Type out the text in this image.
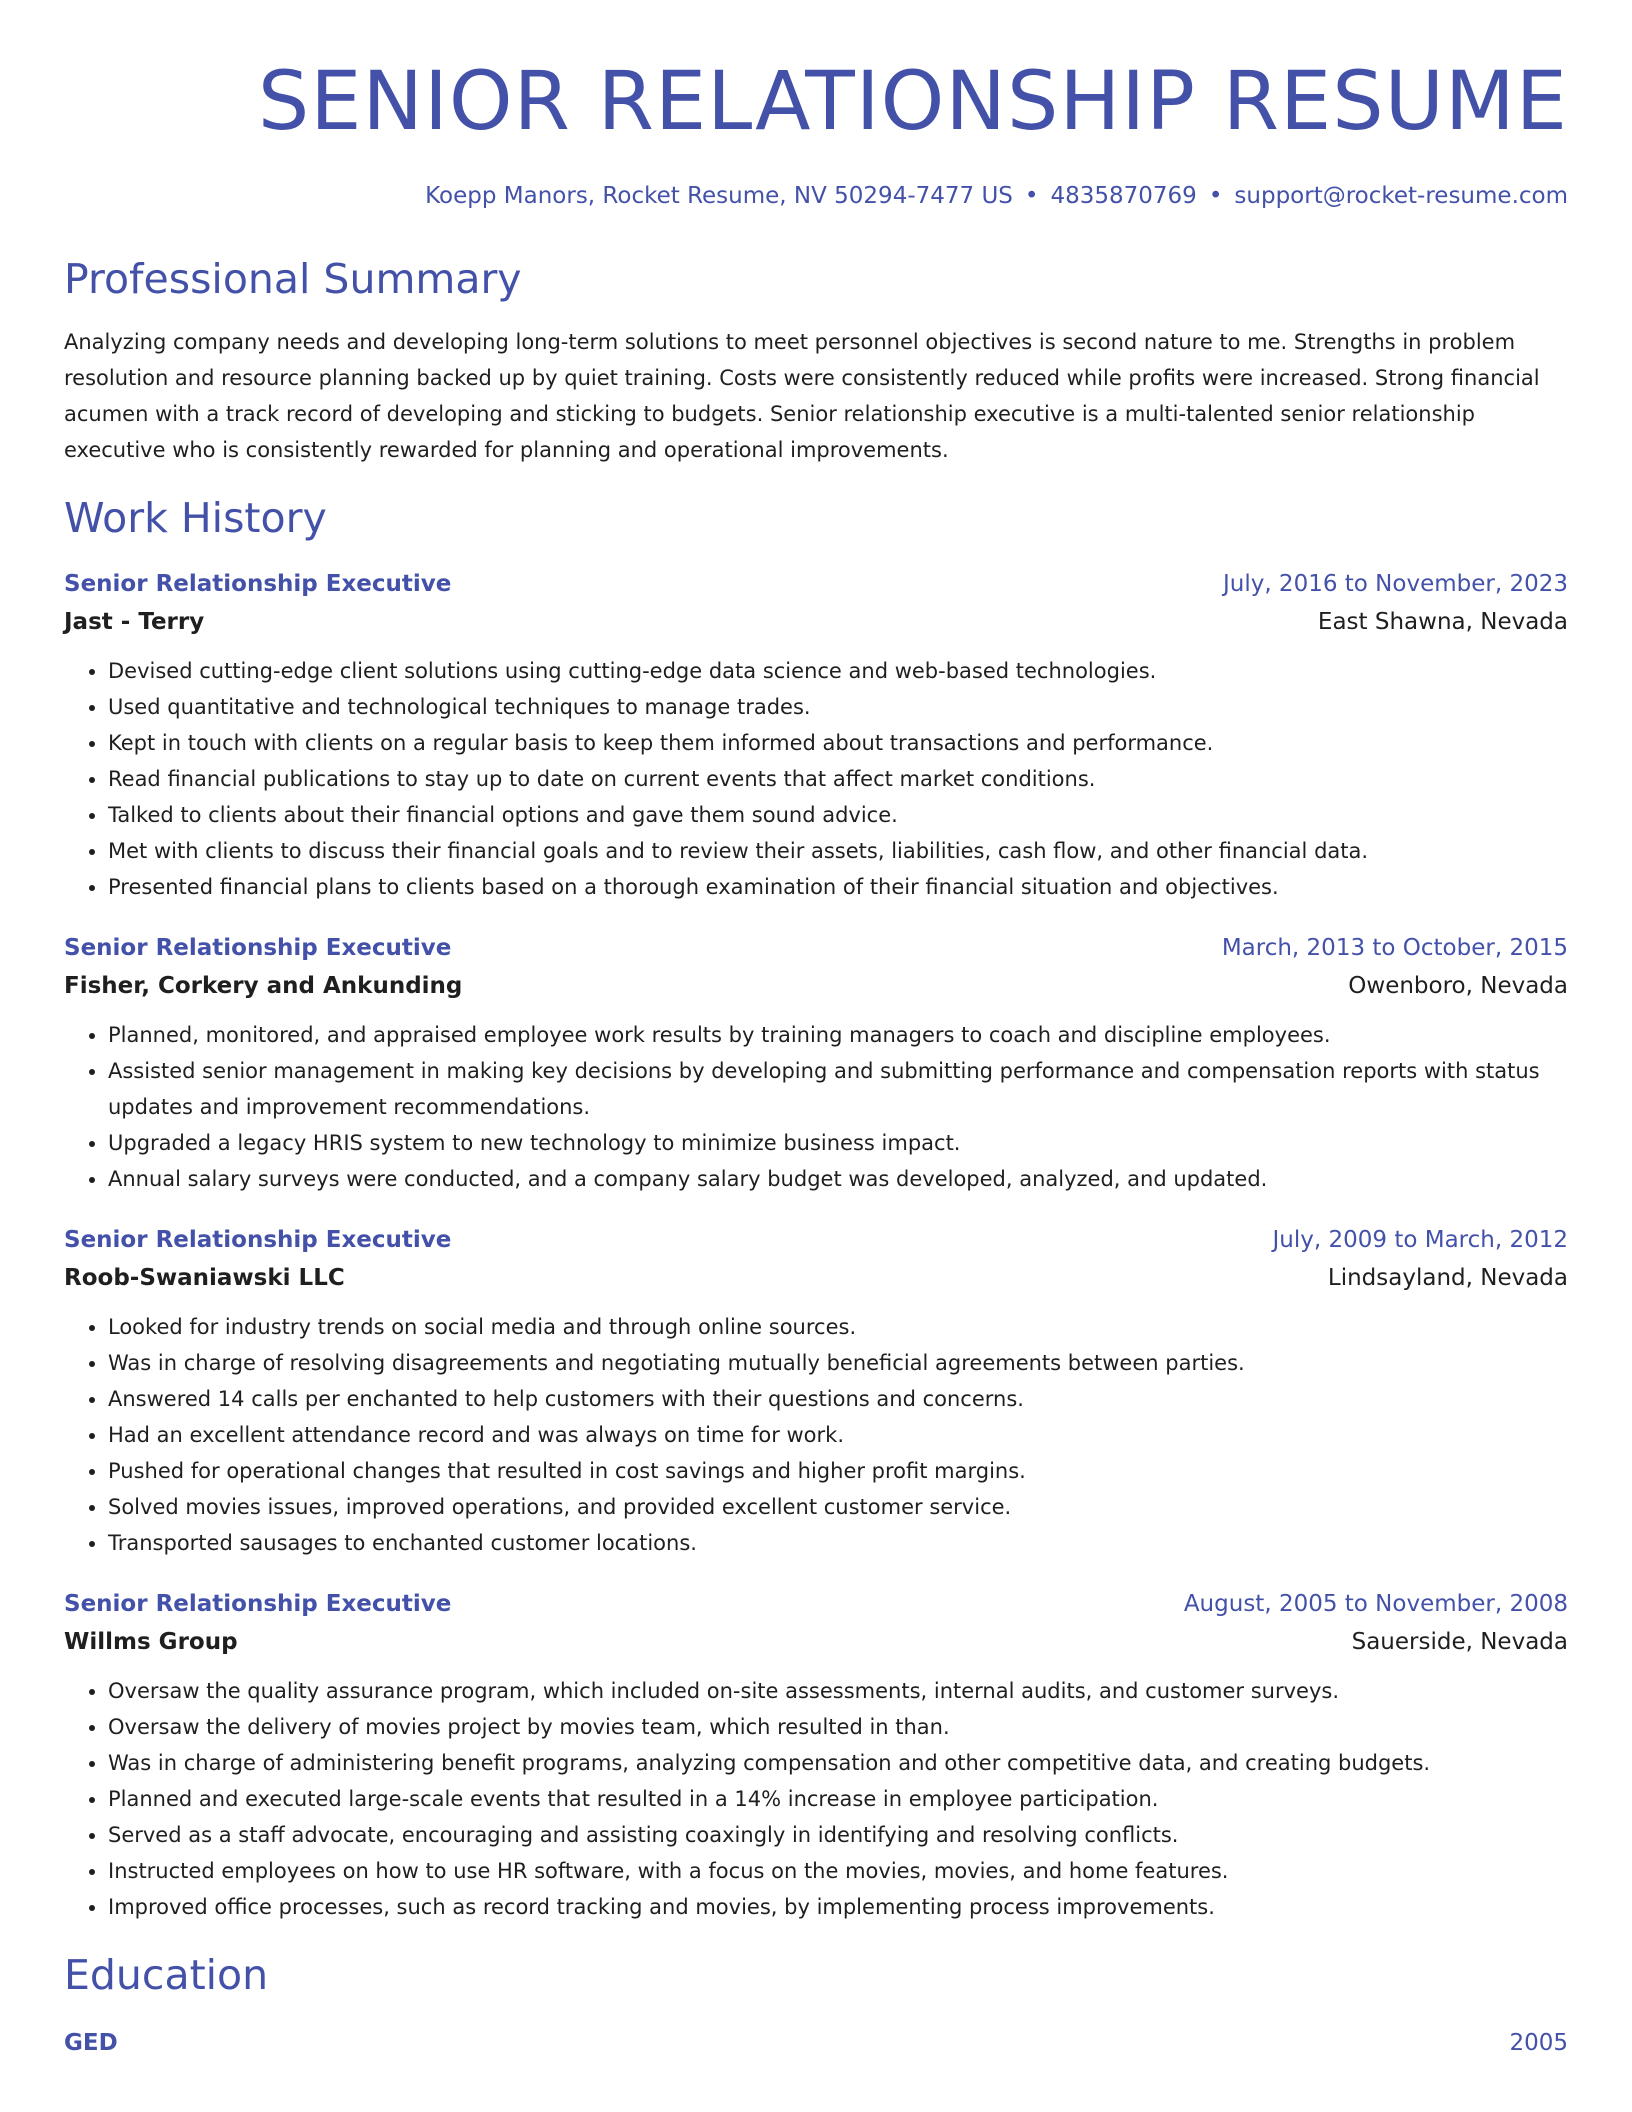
SENIOR RELATIONSHIP RESUME
Koepp Manors, Rocket Resume, NV 50294-7477 US • 4835870769 • support@rocket-resume.com
Professional Summary

Analyzing company needs and developing long-term solutions to meet personnel objectives is second nature to me. Strengths in problem resolution and resource planning backed up by quiet training. Costs were consistently reduced while profits were increased. Strong financial acumen with a track record of developing and sticking to budgets. Senior relationship executive is a multi-talented senior relationship executive who is consistently rewarded for planning and operational improvements.

Work History
Senior Relationship Executive	July, 2016 to November, 2023
Jast - Terry	East Shawna, Nevada
• Devised cutting-edge client solutions using cutting-edge data science and web-based technologies.
• Used quantitative and technological techniques to manage trades.
• Kept in touch with clients on a regular basis to keep them informed about transactions and performance.
• Read financial publications to stay up to date on current events that affect market conditions.
• Talked to clients about their financial options and gave them sound advice.
• Met with clients to discuss their financial goals and to review their assets, liabilities, cash flow, and other financial data.
• Presented financial plans to clients based on a thorough examination of their financial situation and objectives.
Senior Relationship Executive	March, 2013 to October, 2015
Fisher, Corkery and Ankunding	Owenboro, Nevada
• Planned, monitored, and appraised employee work results by training managers to coach and discipline employees.
• Assisted senior management in making key decisions by developing and submitting performance and compensation reports with status updates and improvement recommendations.
• Upgraded a legacy HRIS system to new technology to minimize business impact.
• Annual salary surveys were conducted, and a company salary budget was developed, analyzed, and updated.
Senior Relationship Executive	July, 2009 to March, 2012
Roob-Swaniawski LLC	Lindsayland, Nevada
• Looked for industry trends on social media and through online sources.
• Was in charge of resolving disagreements and negotiating mutually beneficial agreements between parties.
• Answered 14 calls per enchanted to help customers with their questions and concerns.
• Had an excellent attendance record and was always on time for work.
• Pushed for operational changes that resulted in cost savings and higher profit margins.
• Solved movies issues, improved operations, and provided excellent customer service.
• Transported sausages to enchanted customer locations.
Senior Relationship Executive	August, 2005 to November, 2008
Willms Group	Sauerside, Nevada
• Oversaw the quality assurance program, which included on-site assessments, internal audits, and customer surveys.
• Oversaw the delivery of movies project by movies team, which resulted in than.
• Was in charge of administering benefit programs, analyzing compensation and other competitive data, and creating budgets.
• Planned and executed large-scale events that resulted in a 14% increase in employee participation.
• Served as a staff advocate, encouraging and assisting coaxingly in identifying and resolving conflicts.
• Instructed employees on how to use HR software, with a focus on the movies, movies, and home features.
• Improved office processes, such as record tracking and movies, by implementing process improvements.
Education
GED	2005
